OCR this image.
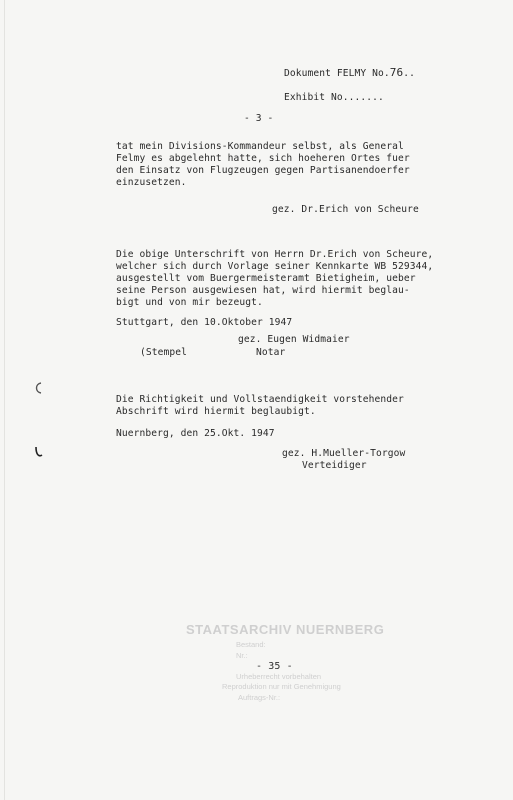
Dokument FELMY No.76..
Exhibit No.......
- 3 -
tat mein Divisions-Kommandeur selbst, als General
Felmy es abgelehnt hatte, sich hoeheren Ortes fuer
den Einsatz von Flugzeugen gegen Partisanendoerfer
einzusetzen.
gez. Dr.Erich von Scheure
Die obige Unterschrift von Herrn Dr.Erich von Scheure,
welcher sich durch Vorlage seiner Kennkarte WB 529344,
ausgestellt vom Buergermeisteramt Bietigheim, ueber
seine Person ausgewiesen hat, wird hiermit beglau-
bigt und von mir bezeugt.
Stuttgart, den 10.Oktober 1947
gez. Eugen Widmaier
(Stempel	Notar
Die Richtigkeit und Vollstaendigkeit vorstehender
Abschrift wird hiermit beglaubigt.
Nuernberg, den 25.Okt. 1947
gez. H.Mueller-Torgow
Verteidiger
STAATSARCHIV NUERNBERG
Bestand:
Nr.:
Urheberrecht vorbehalten
Reproduktion nur mit Genehmigung
Auftrags-Nr.:
- 35 -
